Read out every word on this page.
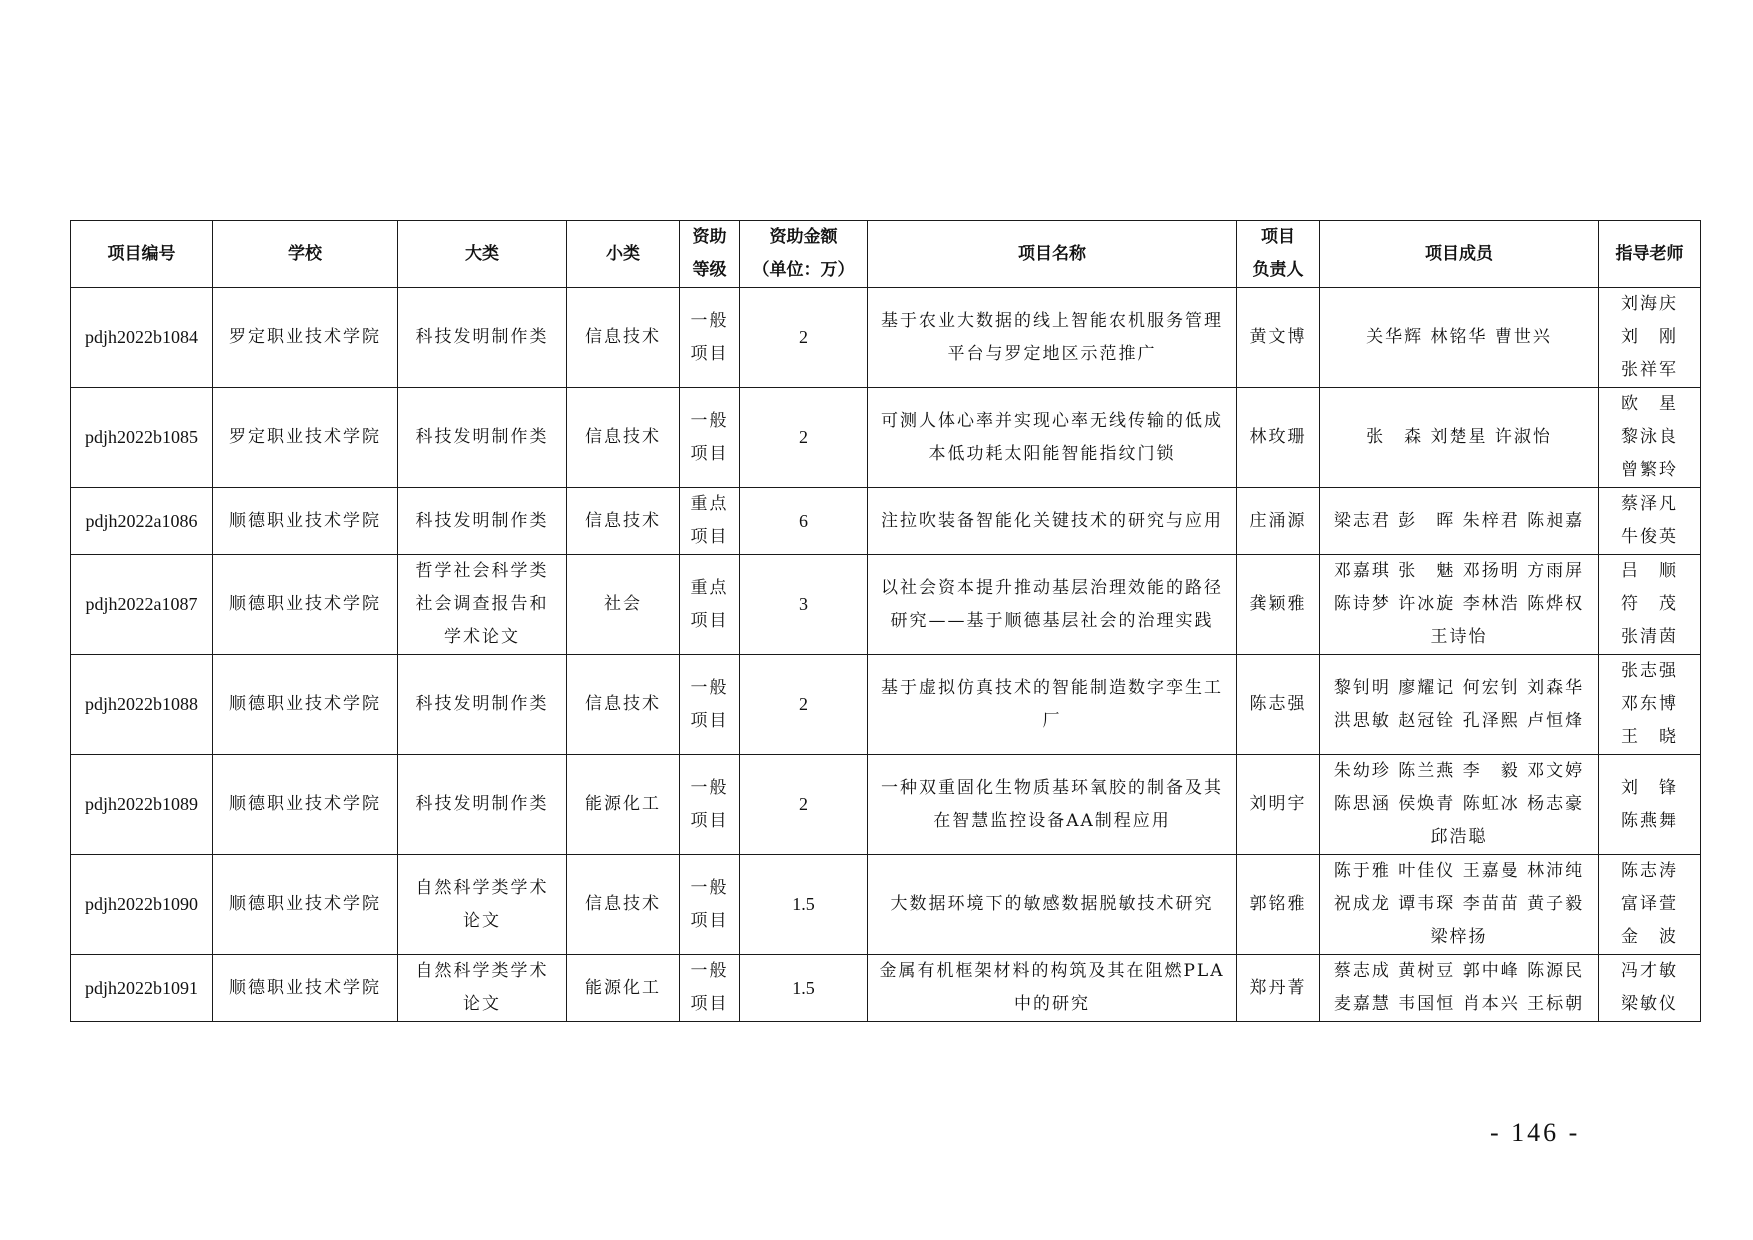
项目编号	学校	大类	小类	资助
等级	资助金额
（单位：万）	项目名称	项目
负责人	项目成员	指导老师

pdjh2022b1084	罗定职业技术学院	科技发明制作类	信息技术	一般
项目	2	基于农业大数据的线上智能农机服务管理
平台与罗定地区示范推广	黄文博	关华辉 林铭华 曹世兴	刘海庆
刘　刚
张祥军

pdjh2022b1085	罗定职业技术学院	科技发明制作类	信息技术	一般
项目	2	可测人体心率并实现心率无线传输的低成
本低功耗太阳能智能指纹门锁	林玫珊	张　森 刘楚星 许淑怡	欧　星
黎泳良
曾繁玲

pdjh2022a1086	顺德职业技术学院	科技发明制作类	信息技术	重点
项目	6	注拉吹装备智能化关键技术的研究与应用	庄涌源	梁志君 彭　晖 朱梓君 陈昶嘉	蔡泽凡
牛俊英

pdjh2022a1087	顺德职业技术学院	哲学社会科学类
社会调查报告和
学术论文	社会	重点
项目	3	以社会资本提升推动基层治理效能的路径
研究——基于顺德基层社会的治理实践	龚颖雅	邓嘉琪 张　魅 邓扬明 方雨屏
陈诗梦 许冰旋 李林浩 陈烨权
王诗怡	吕　顺
符　茂
张清茵

pdjh2022b1088	顺德职业技术学院	科技发明制作类	信息技术	一般
项目	2	基于虚拟仿真技术的智能制造数字孪生工
厂	陈志强	黎钊明 廖耀记 何宏钊 刘森华
洪思敏 赵冠铨 孔泽熙 卢恒烽	张志强
邓东博
王　晓

pdjh2022b1089	顺德职业技术学院	科技发明制作类	能源化工	一般
项目	2	一种双重固化生物质基环氧胶的制备及其
在智慧监控设备AA制程应用	刘明宇	朱幼珍 陈兰燕 李　毅 邓文婷
陈思涵 侯焕青 陈虹冰 杨志豪
邱浩聪	刘　锋
陈燕舞

pdjh2022b1090	顺德职业技术学院	自然科学类学术
论文	信息技术	一般
项目	1.5	大数据环境下的敏感数据脱敏技术研究	郭铭雅	陈于雅 叶佳仪 王嘉曼 林沛纯
祝成龙 谭韦琛 李苗苗 黄子毅
梁梓扬	陈志涛
富译萱
金　波

pdjh2022b1091	顺德职业技术学院	自然科学类学术
论文	能源化工	一般
项目	1.5	金属有机框架材料的构筑及其在阻燃PLA
中的研究	郑丹菁	蔡志成 黄树豆 郭中峰 陈源民
麦嘉慧 韦国恒 肖本兴 王标朝	冯才敏
梁敏仪
- 146 -
